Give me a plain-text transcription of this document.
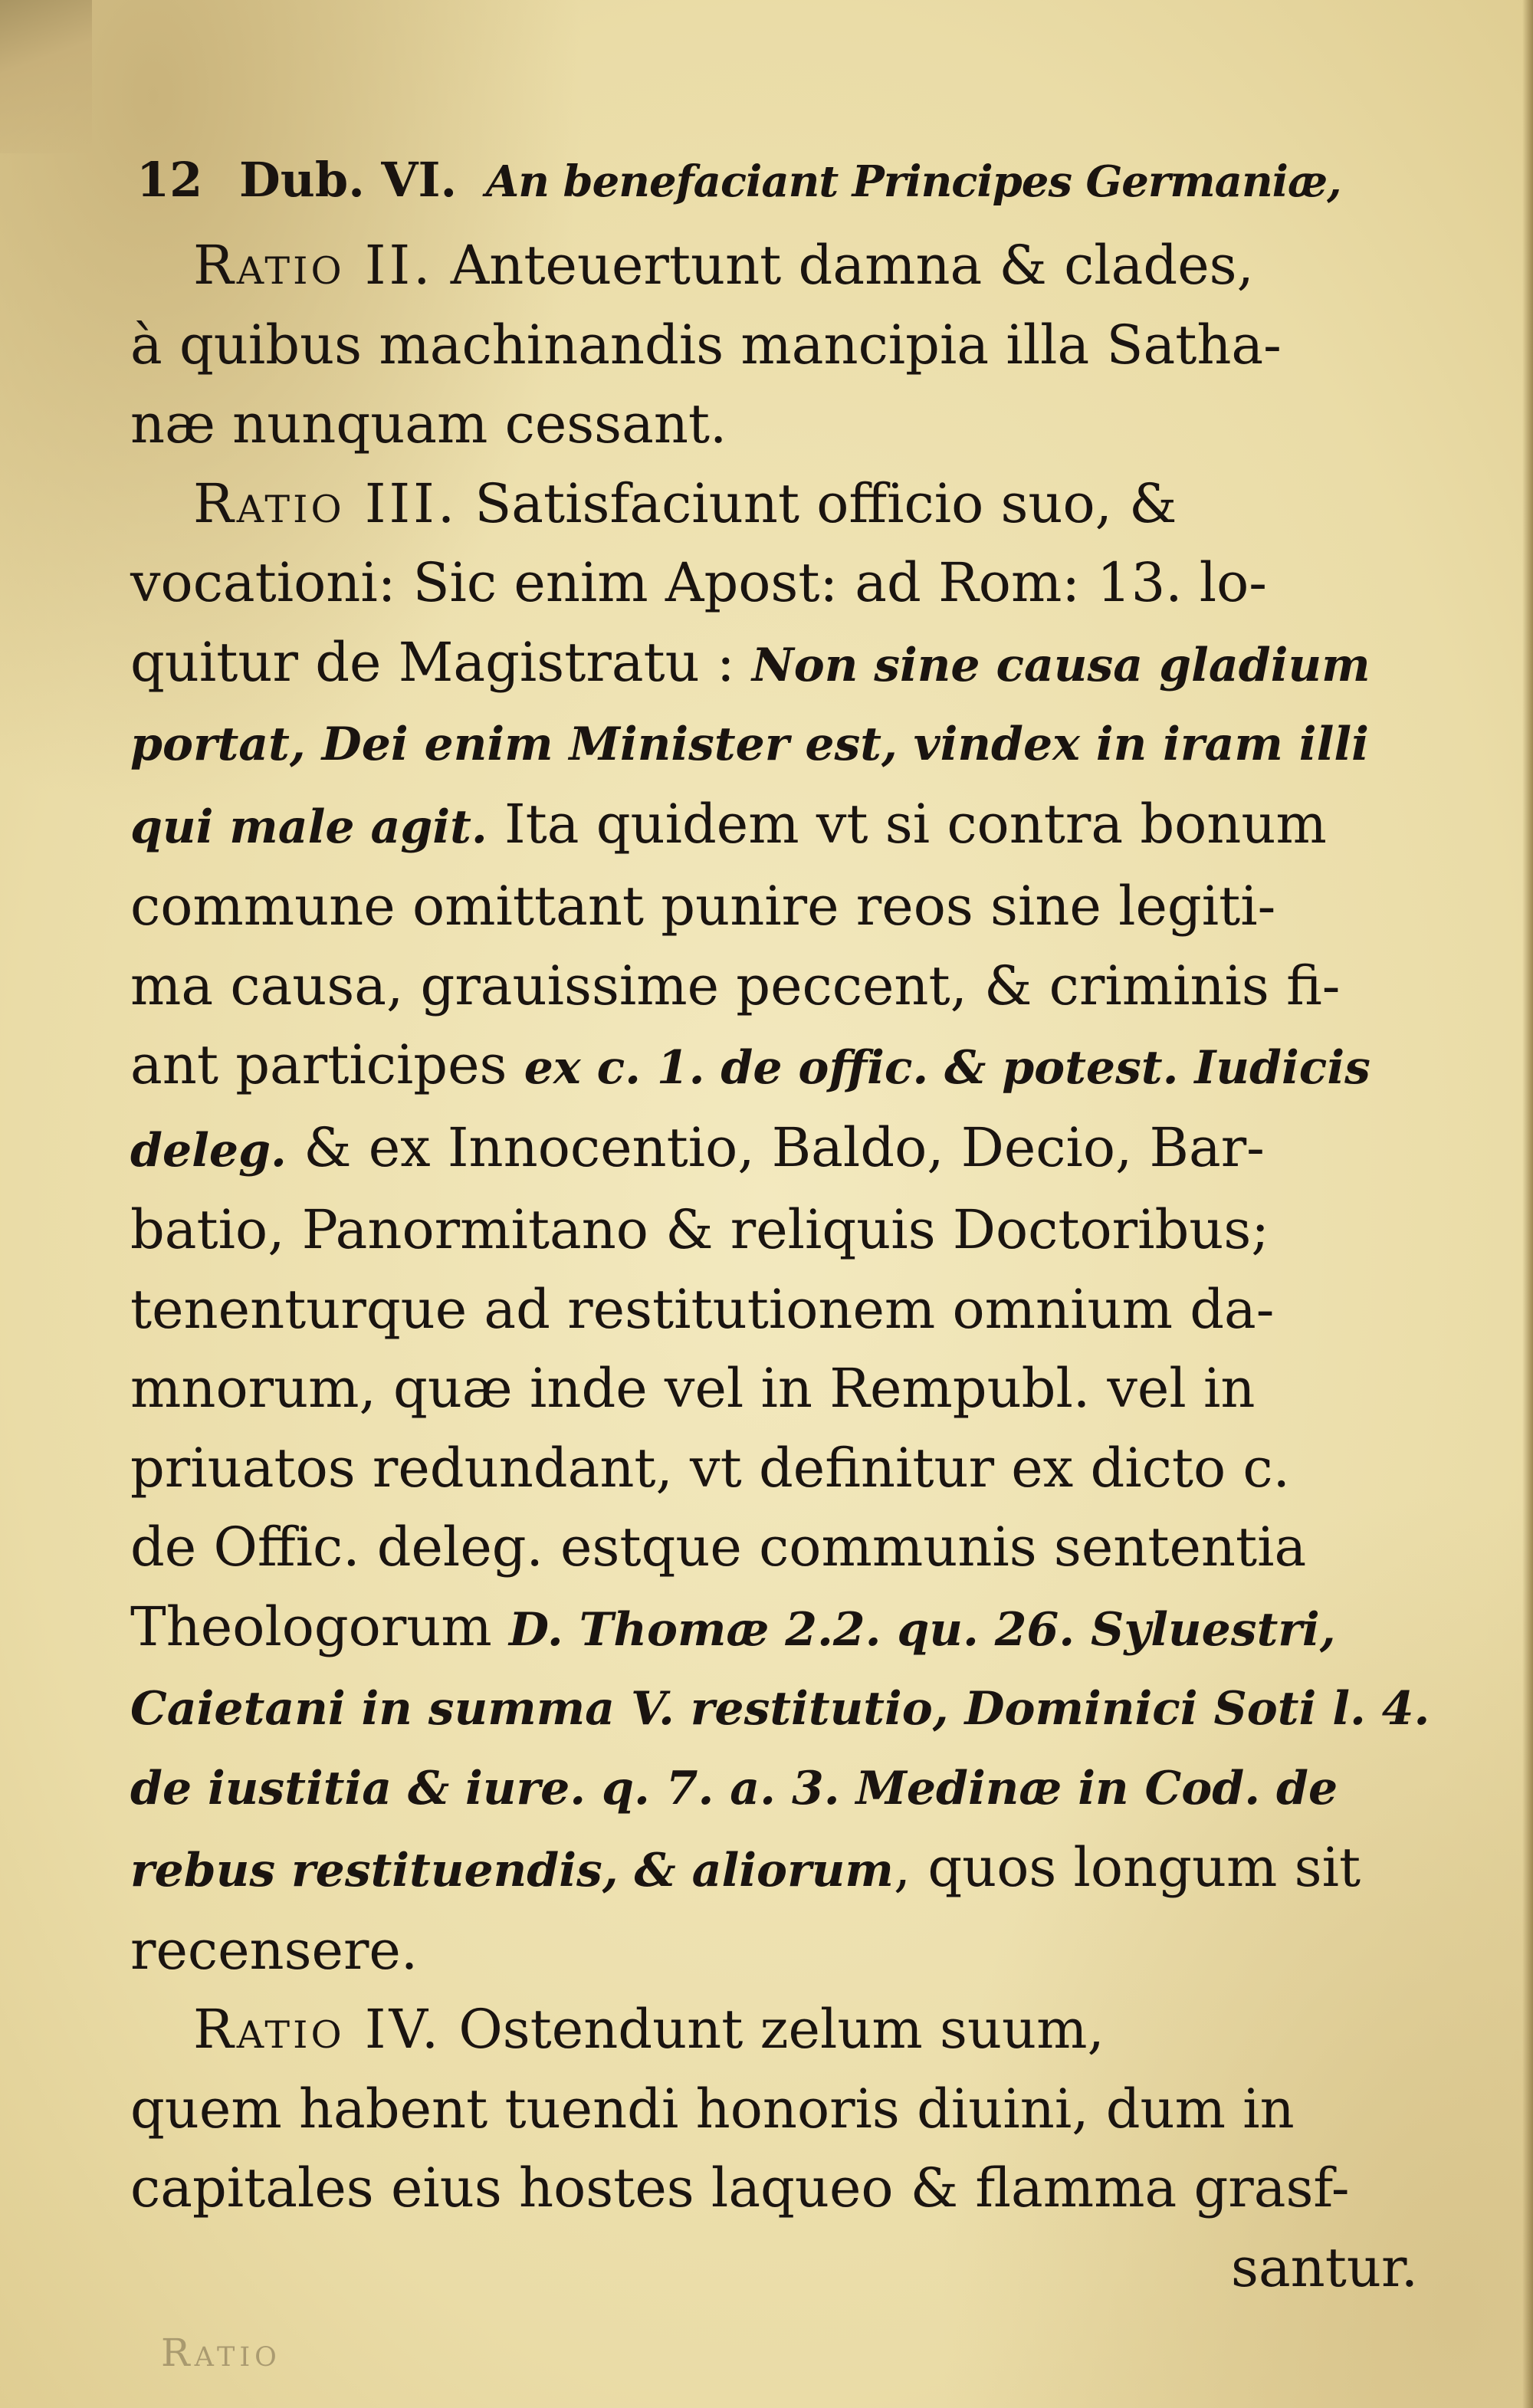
12 Dub. VI. An benefaciant Principes Germaniæ,
Ratio II. Anteuertunt damna & clades,
à quibus machinandis mancipia illa Satha-
næ nunquam cessant.
Ratio III. Satisfaciunt officio suo, &
vocationi: Sic enim Apost: ad Rom: 13. lo-
quitur de Magistratu : Non sine causa gladium
portat, Dei enim Minister est, vindex in iram illi
qui male agit. Ita quidem vt si contra bonum
commune omittant punire reos sine legiti-
ma causa, grauissime peccent, & criminis fi-
ant participes ex c. 1. de offic. & potest. Iudicis
deleg. & ex Innocentio, Baldo, Decio, Bar-
batio, Panormitano & reliquis Doctoribus;
tenenturque ad restitutionem omnium da-
mnorum, quæ inde vel in Rempubl. vel in
priuatos redundant, vt definitur ex dicto c.
de Offic. deleg. estque communis sententia
Theologorum D. Thomæ 2.2. qu. 26. Syluestri,
Caietani in summa V. restitutio, Dominici Soti l. 4.
de iustitia & iure. q. 7. a. 3. Medinæ in Cod. de
rebus restituendis, & aliorum, quos longum sit
recensere.
Ratio IV. Ostendunt zelum suum,
quem habent tuendi honoris diuini, dum in
capitales eius hostes laqueo & flamma grasf-
santur.
Ratio
